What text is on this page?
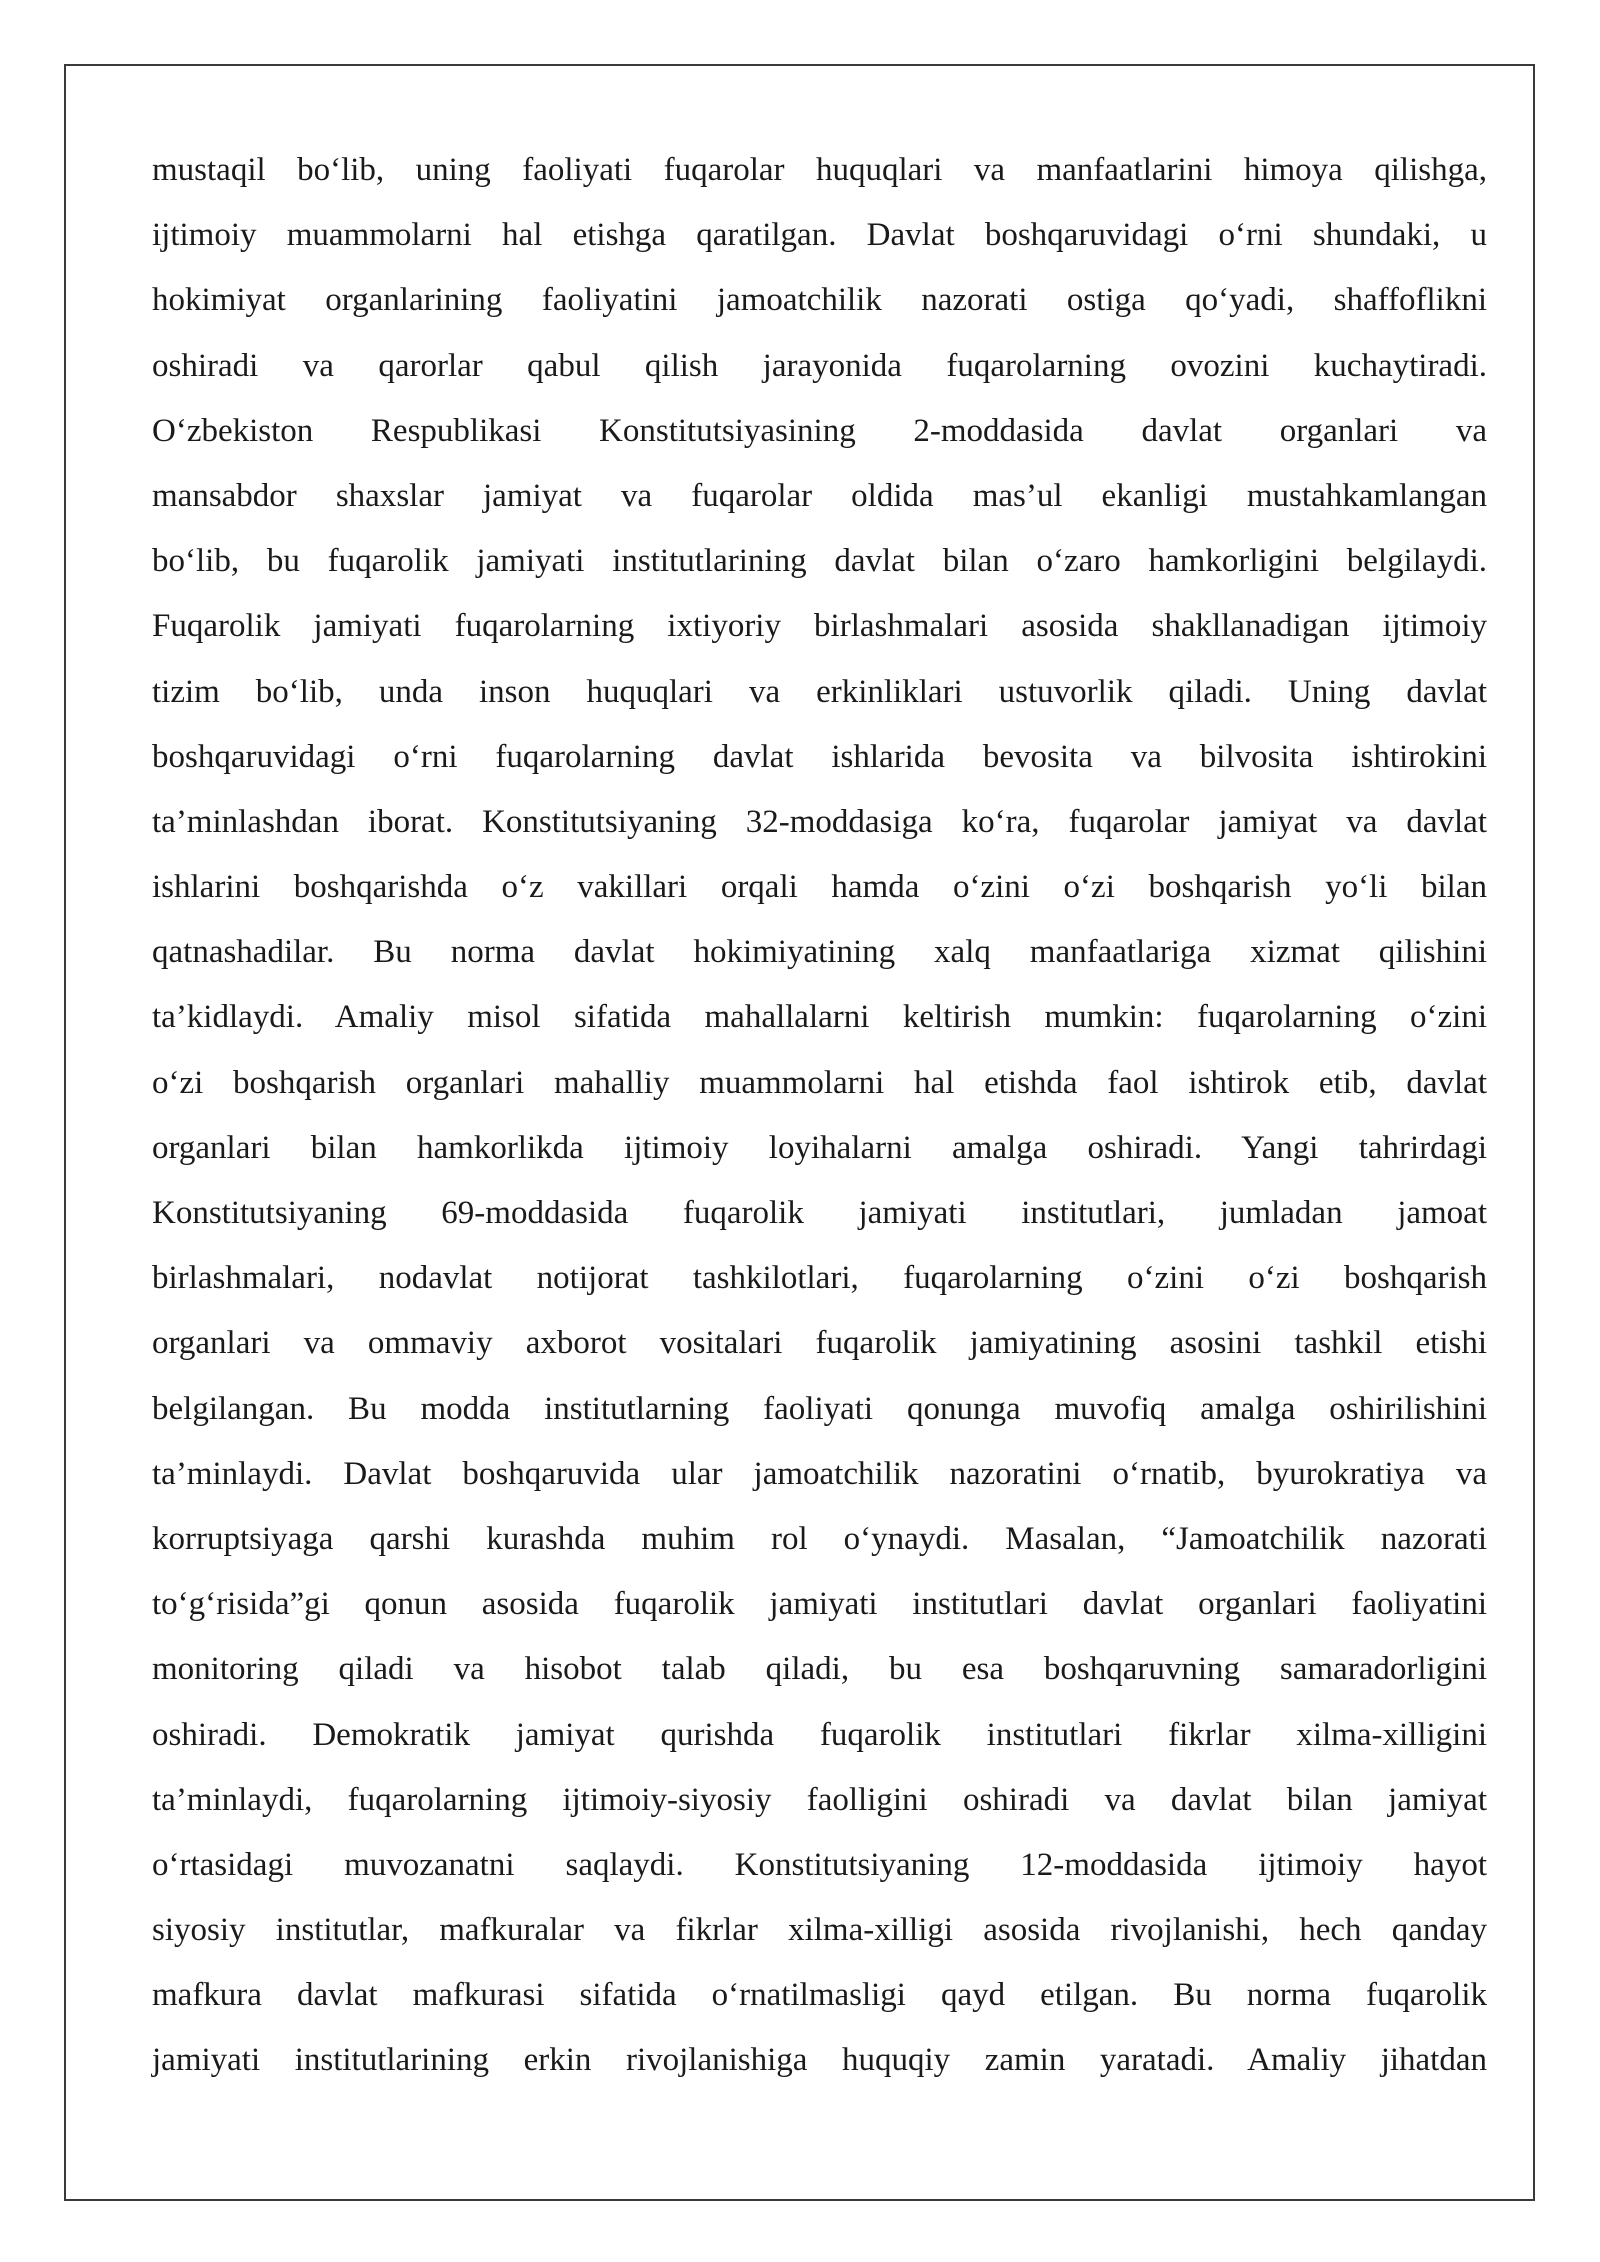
mustaqil bo‘lib, uning faoliyati fuqarolar huquqlari va manfaatlarini himoya qilishga,
ijtimoiy muammolarni hal etishga qaratilgan. Davlat boshqaruvidagi o‘rni shundaki, u
hokimiyat organlarining faoliyatini jamoatchilik nazorati ostiga qo‘yadi, shaffoflikni
oshiradi va qarorlar qabul qilish jarayonida fuqarolarning ovozini kuchaytiradi.
O‘zbekiston Respublikasi Konstitutsiyasining 2-moddasida davlat organlari va
mansabdor shaxslar jamiyat va fuqarolar oldida mas’ul ekanligi mustahkamlangan
bo‘lib, bu fuqarolik jamiyati institutlarining davlat bilan o‘zaro hamkorligini belgilaydi.
Fuqarolik jamiyati fuqarolarning ixtiyoriy birlashmalari asosida shakllanadigan ijtimoiy
tizim bo‘lib, unda inson huquqlari va erkinliklari ustuvorlik qiladi. Uning davlat
boshqaruvidagi o‘rni fuqarolarning davlat ishlarida bevosita va bilvosita ishtirokini
ta’minlashdan iborat. Konstitutsiyaning 32-moddasiga ko‘ra, fuqarolar jamiyat va davlat
ishlarini boshqarishda o‘z vakillari orqali hamda o‘zini o‘zi boshqarish yo‘li bilan
qatnashadilar. Bu norma davlat hokimiyatining xalq manfaatlariga xizmat qilishini
ta’kidlaydi. Amaliy misol sifatida mahallalarni keltirish mumkin: fuqarolarning o‘zini
o‘zi boshqarish organlari mahalliy muammolarni hal etishda faol ishtirok etib, davlat
organlari bilan hamkorlikda ijtimoiy loyihalarni amalga oshiradi. Yangi tahrirdagi
Konstitutsiyaning 69-moddasida fuqarolik jamiyati institutlari, jumladan jamoat
birlashmalari, nodavlat notijorat tashkilotlari, fuqarolarning o‘zini o‘zi boshqarish
organlari va ommaviy axborot vositalari fuqarolik jamiyatining asosini tashkil etishi
belgilangan. Bu modda institutlarning faoliyati qonunga muvofiq amalga oshirilishini
ta’minlaydi. Davlat boshqaruvida ular jamoatchilik nazoratini o‘rnatib, byurokratiya va
korruptsiyaga qarshi kurashda muhim rol o‘ynaydi. Masalan, “Jamoatchilik nazorati
to‘g‘risida”gi qonun asosida fuqarolik jamiyati institutlari davlat organlari faoliyatini
monitoring qiladi va hisobot talab qiladi, bu esa boshqaruvning samaradorligini
oshiradi. Demokratik jamiyat qurishda fuqarolik institutlari fikrlar xilma-xilligini
ta’minlaydi, fuqarolarning ijtimoiy-siyosiy faolligini oshiradi va davlat bilan jamiyat
o‘rtasidagi muvozanatni saqlaydi. Konstitutsiyaning 12-moddasida ijtimoiy hayot
siyosiy institutlar, mafkuralar va fikrlar xilma-xilligi asosida rivojlanishi, hech qanday
mafkura davlat mafkurasi sifatida o‘rnatilmasligi qayd etilgan. Bu norma fuqarolik
jamiyati institutlarining erkin rivojlanishiga huquqiy zamin yaratadi. Amaliy jihatdan
